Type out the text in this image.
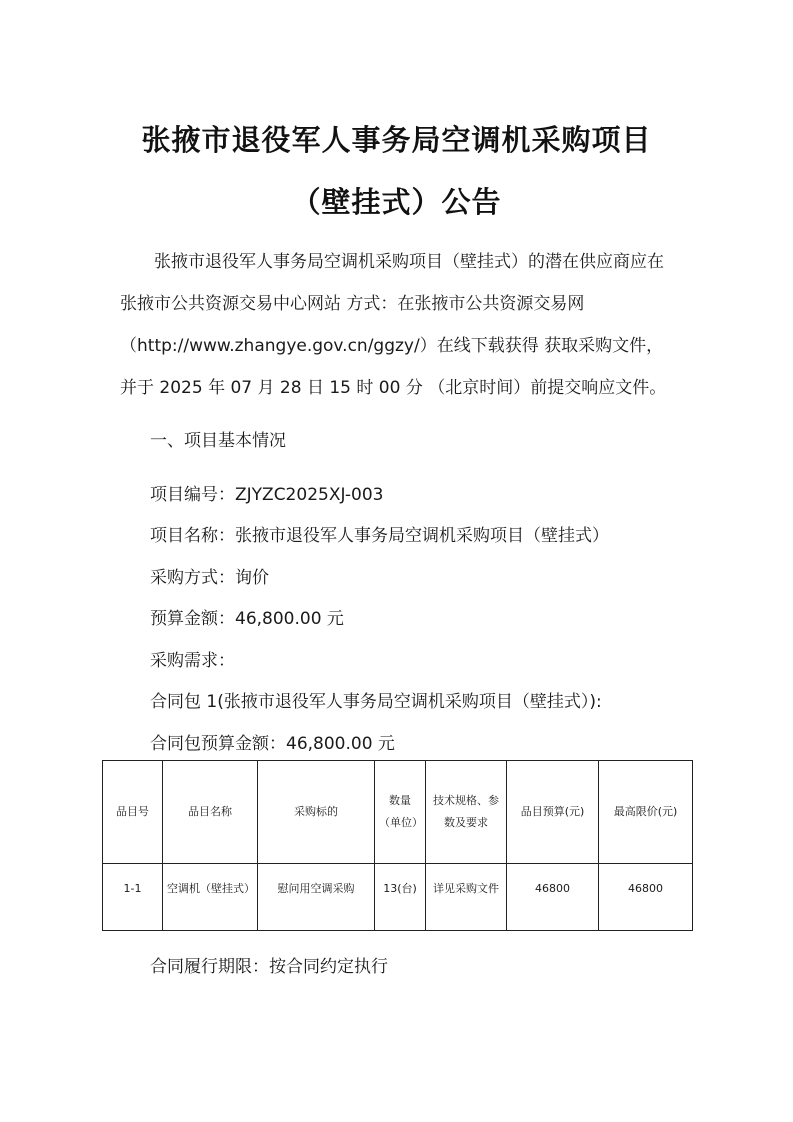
张掖市退役军人事务局空调机采购项目
（壁挂式）公告

张掖市退役军人事务局空调机采购项目（壁挂式）的潜在供应商应在张掖市公共资源交易中心网站 方式：在张掖市公共资源交易网（http://www.zhangye.gov.cn/ggzy/）在线下载获得 获取采购文件，并于 2025 年 07 月 28 日 15 时 00 分 （北京时间）前提交响应文件。

一、项目基本情况
项目编号：ZJYZC2025XJ-003
项目名称：张掖市退役军人事务局空调机采购项目（壁挂式）
采购方式：询价
预算金额：46,800.00 元
采购需求：
合同包 1(张掖市退役军人事务局空调机采购项目（壁挂式）):
合同包预算金额：46,800.00 元
品目号	品目名称	采购标的	数量（单位）	技术规格、参数及要求	品目预算(元)	最高限价(元)
1-1	空调机（壁挂式）	慰问用空调采购	13(台)	详见采购文件	46800	46800
合同履行期限：按合同约定执行
